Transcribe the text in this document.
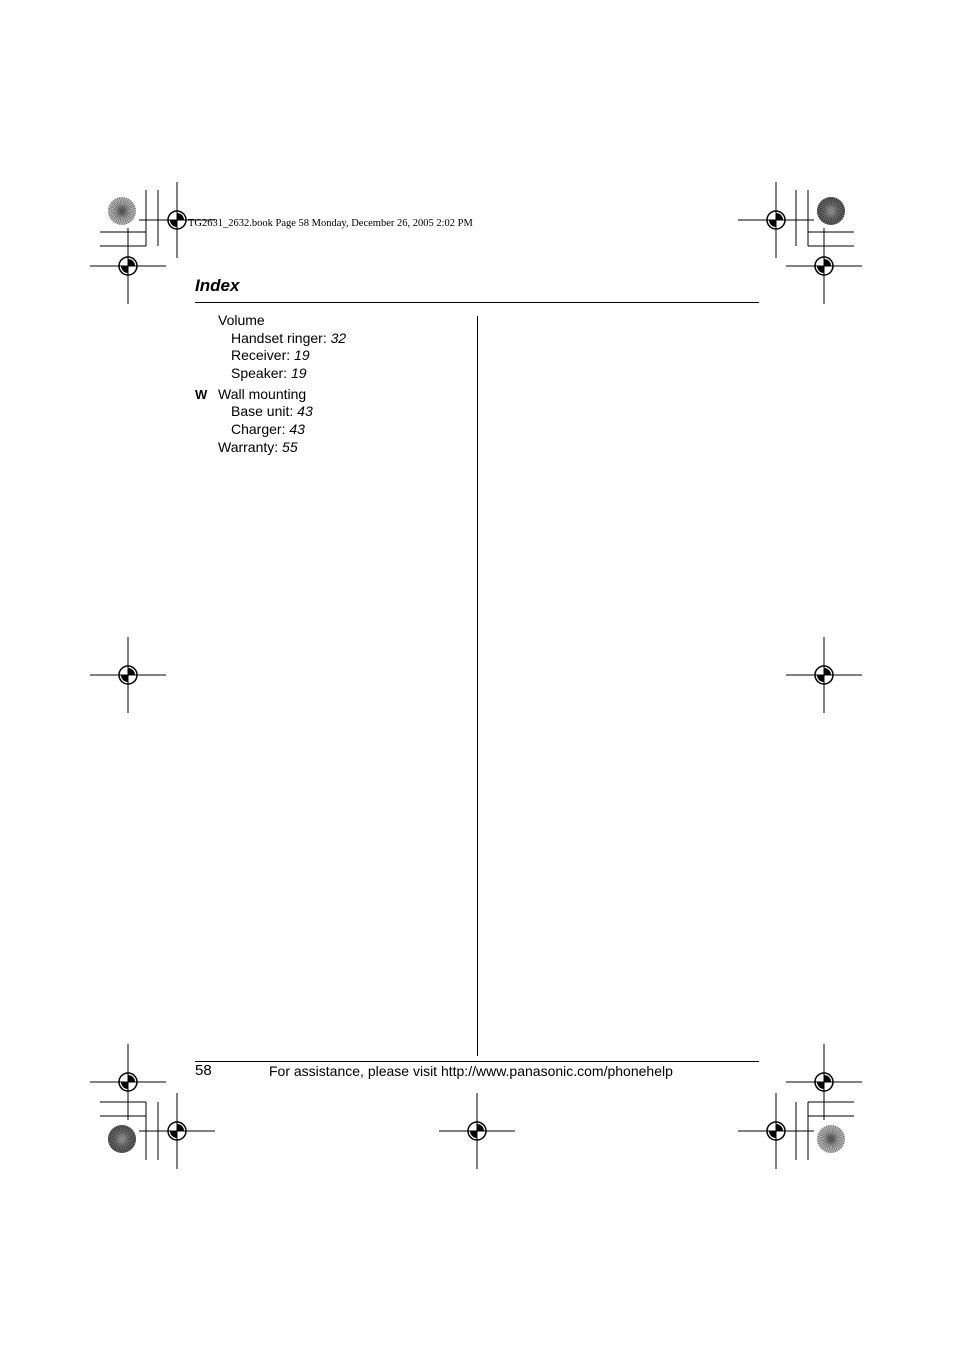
TG2631_2632.book Page 58 Monday, December 26, 2005 2:02 PM
Index
Volume
Handset ringer: 32
Receiver: 19
Speaker: 19
W Wall mounting
Base unit: 43
Charger: 43
Warranty: 55
58	For assistance, please visit http://www.panasonic.com/phonehelp
